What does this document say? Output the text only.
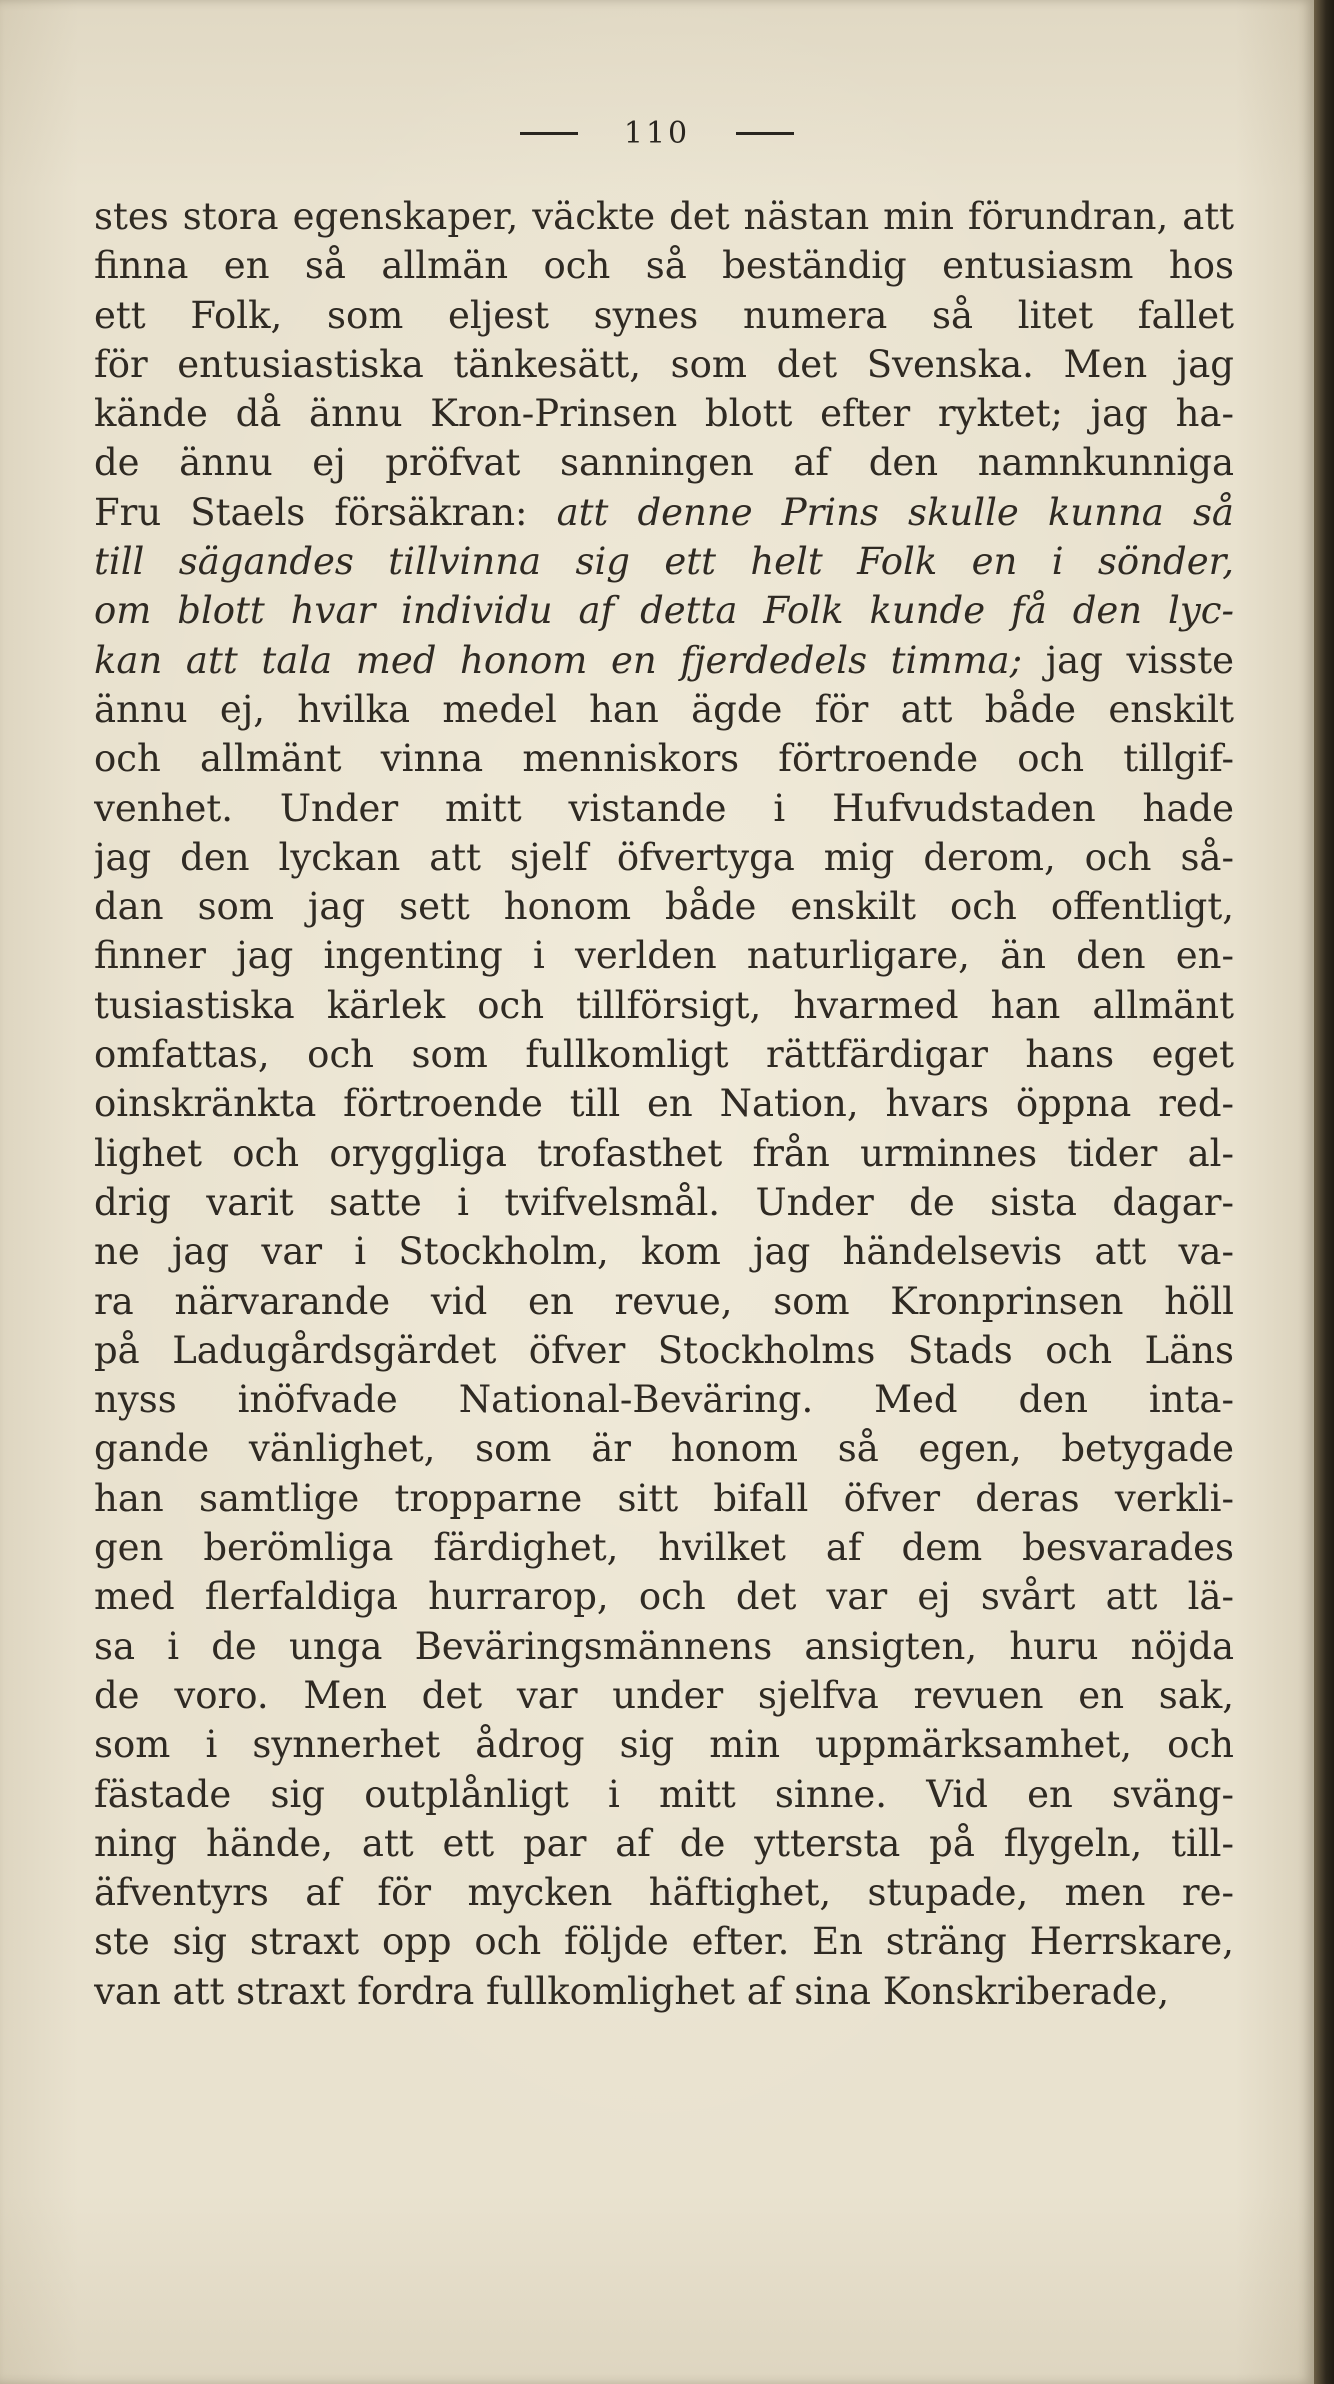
110
stes stora egenskaper, väckte det nästan min förundran, att
finna en så allmän och så beständig entusiasm hos
ett Folk, som eljest synes numera så litet fallet
för entusiastiska tänkesätt, som det Svenska. Men jag
kände då ännu Kron-Prinsen blott efter ryktet; jag ha-
de ännu ej pröfvat sanningen af den namnkunniga
Fru Staels försäkran: att denne Prins skulle kunna så
till sägandes tillvinna sig ett helt Folk en i sönder,
om blott hvar individu af detta Folk kunde få den lyc-
kan att tala med honom en fjerdedels timma; jag visste
ännu ej, hvilka medel han ägde för att både enskilt
och allmänt vinna menniskors förtroende och tillgif-
venhet. Under mitt vistande i Hufvudstaden hade
jag den lyckan att sjelf öfvertyga mig derom, och så-
dan som jag sett honom både enskilt och offentligt,
finner jag ingenting i verlden naturligare, än den en-
tusiastiska kärlek och tillförsigt, hvarmed han allmänt
omfattas, och som fullkomligt rättfärdigar hans eget
oinskränkta förtroende till en Nation, hvars öppna red-
lighet och oryggliga trofasthet från urminnes tider al-
drig varit satte i tvifvelsmål. Under de sista dagar-
ne jag var i Stockholm, kom jag händelsevis att va-
ra närvarande vid en revue, som Kronprinsen höll
på Ladugårdsgärdet öfver Stockholms Stads och Läns
nyss inöfvade National-Beväring. Med den inta-
gande vänlighet, som är honom så egen, betygade
han samtlige tropparne sitt bifall öfver deras verkli-
gen berömliga färdighet, hvilket af dem besvarades
med flerfaldiga hurrarop, och det var ej svårt att lä-
sa i de unga Beväringsmännens ansigten, huru nöjda
de voro. Men det var under sjelfva revuen en sak,
som i synnerhet ådrog sig min uppmärksamhet, och
fästade sig outplånligt i mitt sinne. Vid en sväng-
ning hände, att ett par af de yttersta på flygeln, till-
äfventyrs af för mycken häftighet, stupade, men re-
ste sig straxt opp och följde efter. En sträng Herrskare,
van att straxt fordra fullkomlighet af sina Konskriberade,
